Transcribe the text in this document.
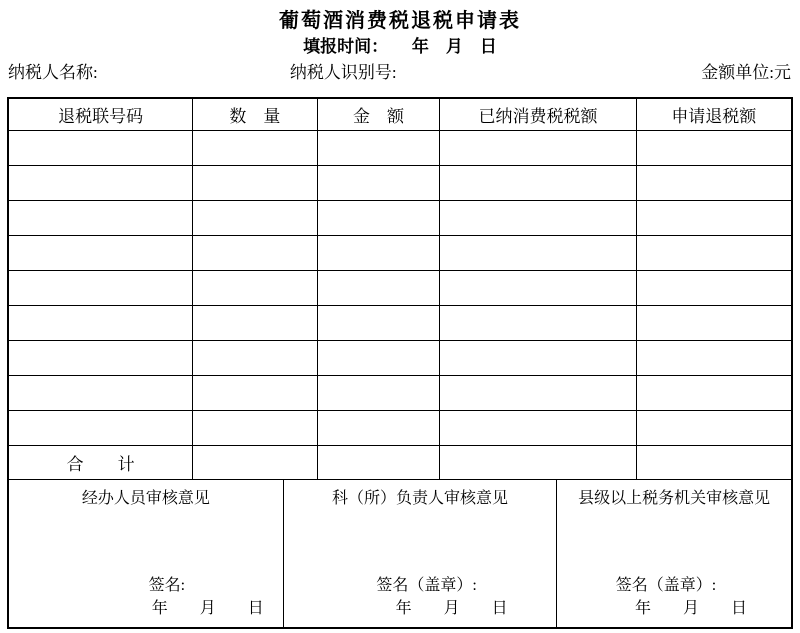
葡萄酒消费税退税申请表
填报时间： 年　月　日
纳税人名称:	纳税人识别号:	金额单位:元
退税联号码	数　量	金　额	已纳消费税税额	申请退税额

合　　计				
经办人员审核意见
签名:
年　　月　　日
科（所）负责人审核意见
签名（盖章）:
年　　月　　日
县级以上税务机关审核意见
签名（盖章）:
年　　月　　日
